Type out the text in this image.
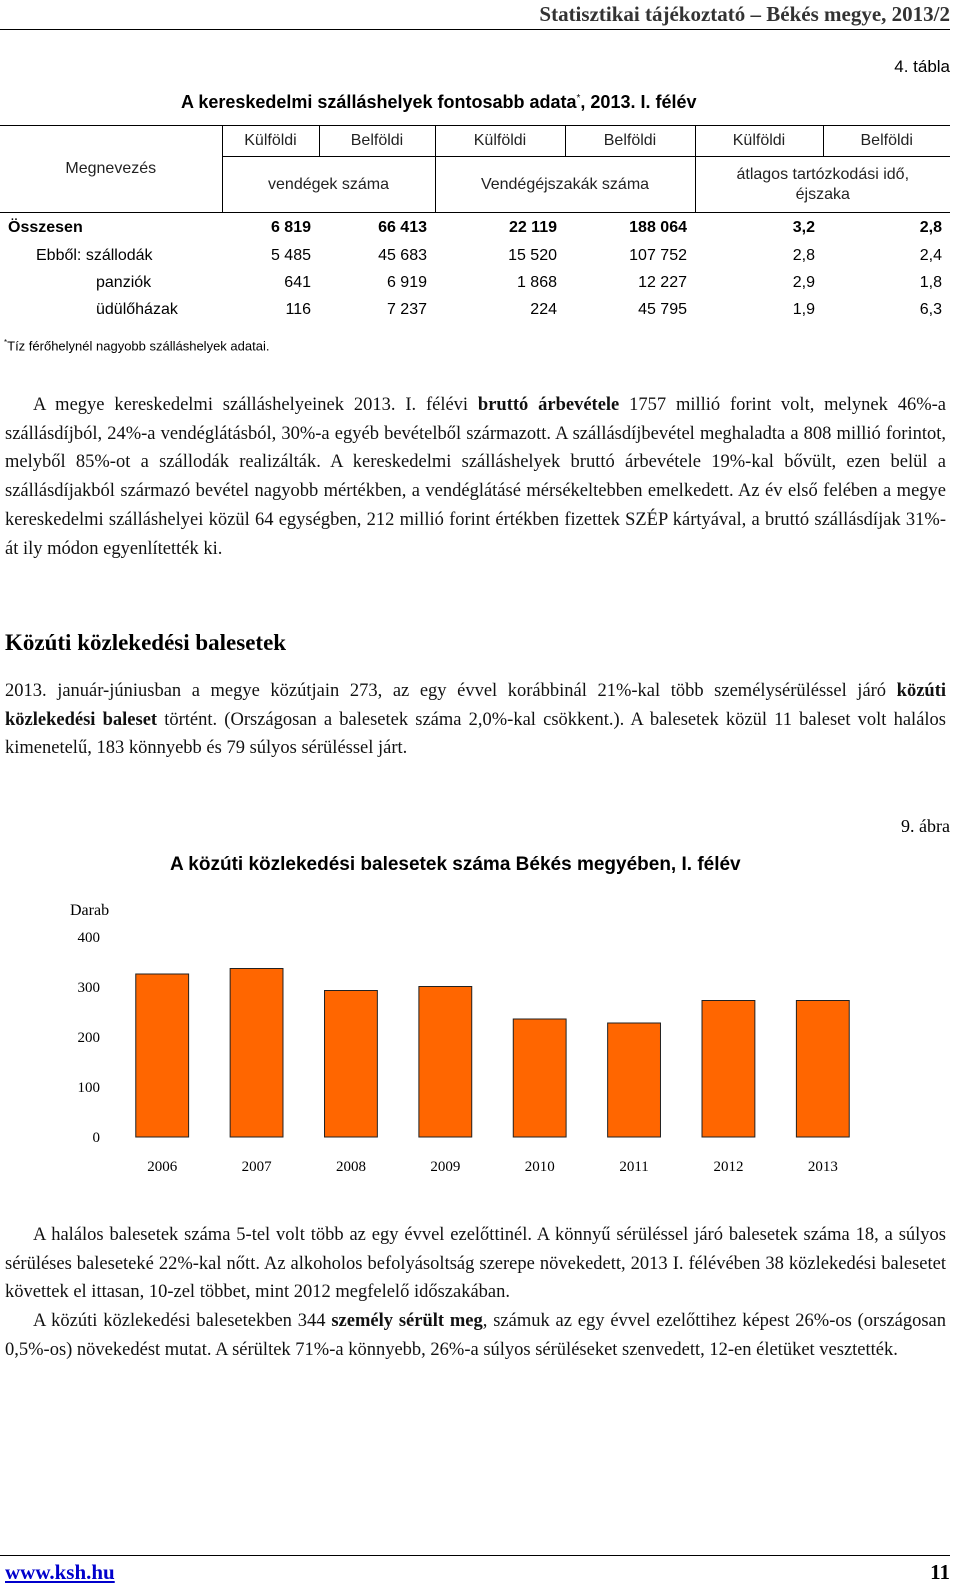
Statisztikai tájékoztató – Békés megye, 2013/2
4. tábla
A kereskedelmi szálláshelyek fontosabb adata*, 2013. I. félév
Megnevezés	Külföldi	Belföldi	Külföldi	Belföldi	Külföldi	Belföldi
	vendégek száma		Vendégéjszakák száma		átlagos tartózkodási idő,
éjszaka	
Összesen	6 819	66 413	22 119	188 064	3,2	2,8
Ebből: szállodák	5 485	45 683	15 520	107 752	2,8	2,4
panziók	641	6 919	1 868	12 227	2,9	1,8
üdülőházak	116	7 237	224	45 795	1,9	6,3
*Tíz férőhelynél nagyobb szálláshelyek adatai.

A megye kereskedelmi szálláshelyeinek 2013. I. félévi bruttó árbevétele 1757 millió forint volt, melynek 46%-a szállásdíjból, 24%-a vendéglátásból, 30%-a egyéb bevételből származott. A szállásdíjbevétel meghaladta a 808 millió forintot, melyből 85%-ot a szállodák realizálták. A kereskedelmi szálláshelyek bruttó árbevétele 19%-kal bővült, ezen belül a szállásdíjakból származó bevétel nagyobb mértékben, a vendéglátásé mérsékeltebben emelkedett. Az év első felében a megye kereskedelmi szálláshelyei közül 64 egységben, 212 millió forint értékben fizettek SZÉP kártyával, a bruttó szállásdíjak 31%-át ily módon egyenlítették ki.

Közúti közlekedési balesetek

2013. január-júniusban a megye közútjain 273, az egy évvel korábbinál 21%-kal több személysérüléssel járó közúti közlekedési baleset történt. (Országosan a balesetek száma 2,0%-kal csökkent.). A balesetek közül 11 baleset volt halálos kimenetelű, 183 könnyebb és 79 súlyos sérüléssel járt.

9. ábra
A közúti közlekedési balesetek száma Békés megyében, I. félév
Darab
0
100
200
300
400
2006	2007	2008	2009	2010	2011	2012	2013

A halálos balesetek száma 5-tel volt több az egy évvel ezelőttinél. A könnyű sérüléssel járó balesetek száma 18, a súlyos sérüléses baleseteké 22%-kal nőtt. Az alkoholos befolyásoltság szerepe növekedett, 2013 I. félévében 38 közlekedési balesetet követtek el ittasan, 10-zel többet, mint 2012 megfelelő időszakában.

A közúti közlekedési balesetekben 344 személy sérült meg, számuk az egy évvel ezelőttihez képest 26%-os (országosan 0,5%-os) növekedést mutat. A sérültek 71%-a könnyebb, 26%-a súlyos sérüléseket szenvedett, 12-en életüket vesztették.

www.ksh.hu	11
